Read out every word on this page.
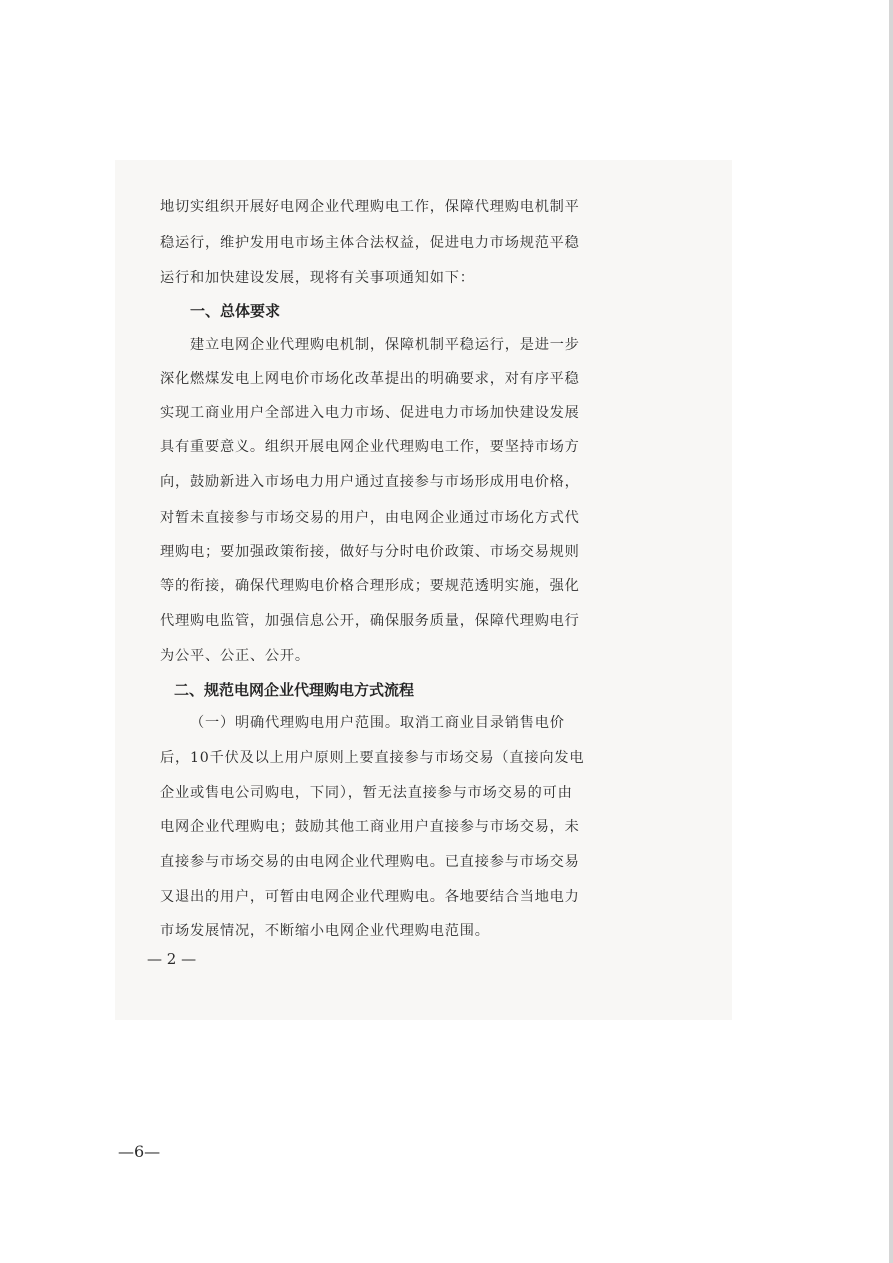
地切实组织开展好电网企业代理购电工作，保障代理购电机制平
稳运行，维护发用电市场主体合法权益，促进电力市场规范平稳
运行和加快建设发展，现将有关事项通知如下：
一、总体要求
建立电网企业代理购电机制，保障机制平稳运行，是进一步
深化燃煤发电上网电价市场化改革提出的明确要求，对有序平稳
实现工商业用户全部进入电力市场、促进电力市场加快建设发展
具有重要意义。组织开展电网企业代理购电工作，要坚持市场方
向，鼓励新进入市场电力用户通过直接参与市场形成用电价格，
对暂未直接参与市场交易的用户，由电网企业通过市场化方式代
理购电；要加强政策衔接，做好与分时电价政策、市场交易规则
等的衔接，确保代理购电价格合理形成；要规范透明实施，强化
代理购电监管，加强信息公开，确保服务质量，保障代理购电行
为公平、公正、公开。
二、规范电网企业代理购电方式流程
（一）明确代理购电用户范围。取消工商业目录销售电价
后，10千伏及以上用户原则上要直接参与市场交易（直接向发电
企业或售电公司购电，下同），暂无法直接参与市场交易的可由
电网企业代理购电；鼓励其他工商业用户直接参与市场交易，未
直接参与市场交易的由电网企业代理购电。已直接参与市场交易
又退出的用户，可暂由电网企业代理购电。各地要结合当地电力
市场发展情况，不断缩小电网企业代理购电范围。
— 2 —
—6—
